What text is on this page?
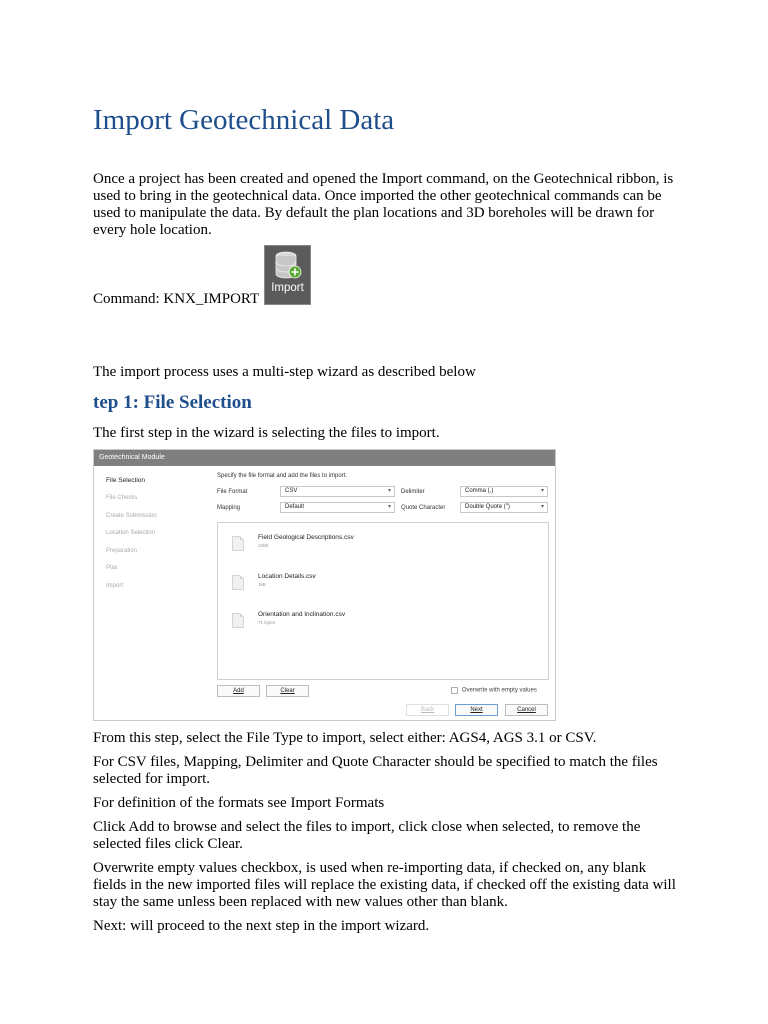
Import Geotechnical Data

Once a project has been created and opened the Import command, on the Geotechnical ribbon, is used to bring in the geotechnical data. Once imported the other geotechnical commands can be used to manipulate the data. By default the plan locations and 3D boreholes will be drawn for every hole location.

Import

Command: KNX_IMPORT

The import process uses a multi-step wizard as described below

tep 1: File Selection

The first step in the wizard is selecting the files to import.

Geotechnical Module
File Selection
File Checks
Create Submission
Location Selection
Preparation
Plax
Import
Specify the file format and add the files to import.
File Format	CSV	▾ Delimiter	Comma (,)	▾
Mapping	Default	▾ Quote Character	Double Quote (")	▾
Field Geological Descriptions.csv
10kB
Location Details.csv
1kB
Orientation and Inclination.csv
71 bytes
Add	Clear	Overwrite with empty values
Back	Next	Cancel

From this step, select the File Type to import, select either: AGS4, AGS 3.1 or CSV.

For CSV files, Mapping, Delimiter and Quote Character should be specified to match the files selected for import.

For definition of the formats see Import Formats

Click Add to browse and select the files to import, click close when selected, to remove the selected files click Clear.

Overwrite empty values checkbox, is used when re-importing data, if checked on, any blank fields in the new imported files will replace the existing data, if checked off the existing data will stay the same unless been replaced with new values other than blank.

Next: will proceed to the next step in the import wizard.
